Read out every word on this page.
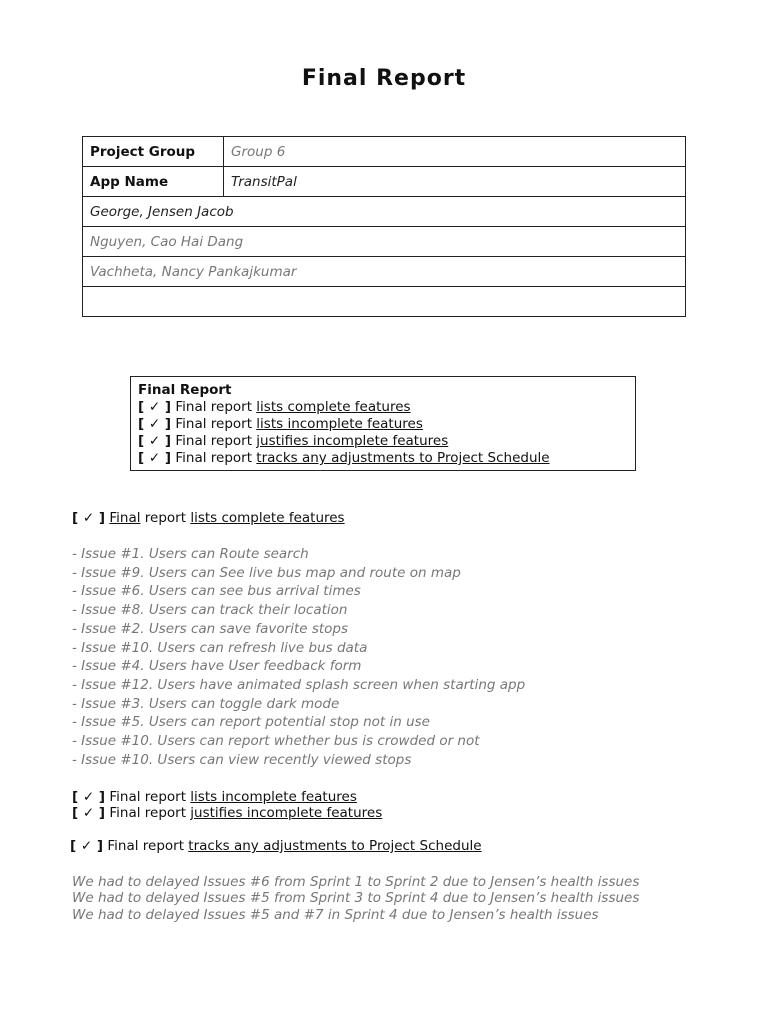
Final Report
Project Group	Group 6
App Name	TransitPal
George, Jensen Jacob	
Nguyen, Cao Hai Dang	
Vachheta, Nancy Pankajkumar	

Final Report
[ ✓ ] Final report lists complete features
[ ✓ ] Final report lists incomplete features
[ ✓ ] Final report justifies incomplete features
[ ✓ ] Final report tracks any adjustments to Project Schedule
[ ✓ ] Final report lists complete features
- Issue #1. Users can Route search
- Issue #9. Users can See live bus map and route on map
- Issue #6. Users can see bus arrival times
- Issue #8. Users can track their location
- Issue #2. Users can save favorite stops
- Issue #10. Users can refresh live bus data
- Issue #4. Users have User feedback form
- Issue #12. Users have animated splash screen when starting app
- Issue #3. Users can toggle dark mode
- Issue #5. Users can report potential stop not in use
- Issue #10. Users can report whether bus is crowded or not
- Issue #10. Users can view recently viewed stops
[ ✓ ] Final report lists incomplete features
[ ✓ ] Final report justifies incomplete features
[ ✓ ] Final report tracks any adjustments to Project Schedule
We had to delayed Issues #6 from Sprint 1 to Sprint 2 due to Jensen’s health issues
We had to delayed Issues #5 from Sprint 3 to Sprint 4 due to Jensen’s health issues
We had to delayed Issues #5 and #7 in Sprint 4 due to Jensen’s health issues
